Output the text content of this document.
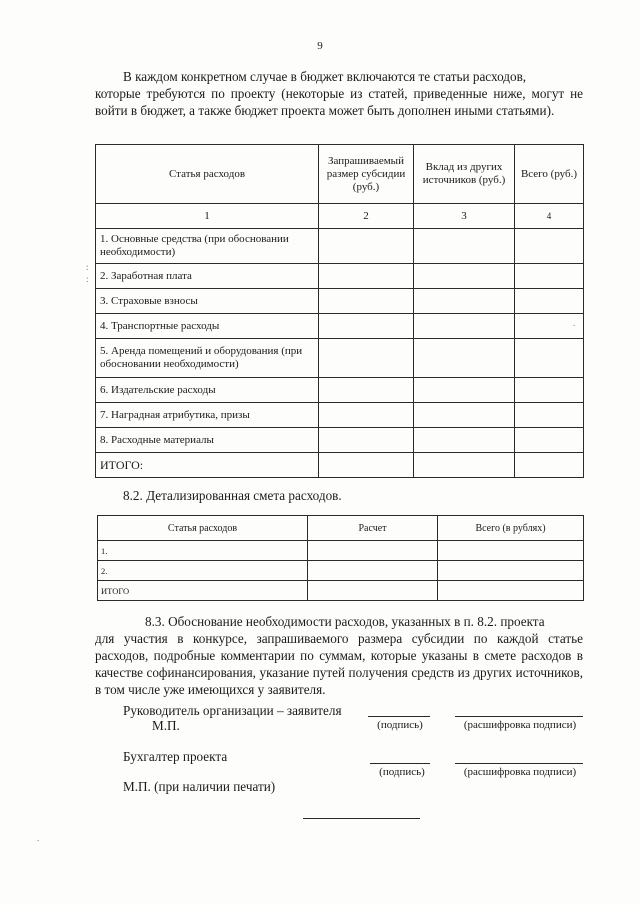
9
В каждом конкретном случае в бюджет включаются те статьи расходов,
которые требуются по проекту (некоторые из статей, приведенные ниже, могут не войти в бюджет, а также бюджет проекта может быть дополнен иными статьями).
Статья расходов	Запрашиваемый размер субсидии (руб.)	Вклад из других источников (руб.)	Всего (руб.)
1	2	3	4
1. Основные средства (при обосновании необходимости)			
2. Заработная плата			
3. Страховые взносы			
4. Транспортные расходы			
5. Аренда помещений и оборудования (при обосновании необходимости)			
6. Издательские расходы			
7. Наградная атрибутика, призы			
8. Расходные материалы			
ИТОГО:			
8.2. Детализированная смета расходов.
Статья расходов	Расчет	Всего (в рублях)
1.		
2.		
ИТОГО		
8.3. Обоснование необходимости расходов, указанных в п. 8.2. проекта
для участия в конкурсе, запрашиваемого размера субсидии по каждой статье расходов, подробные комментарии по суммам, которые указаны в смете расходов в качестве софинансирования, указание путей получения средств из других источников, в том числе уже имеющихся у заявителя.
Руководитель организации – заявителя
М.П.	(подпись)	(расшифровка подписи)
Бухгалтер проекта
(подпись)	(расшифровка подписи)
М.П. (при наличии печати)
:
:
.
.
